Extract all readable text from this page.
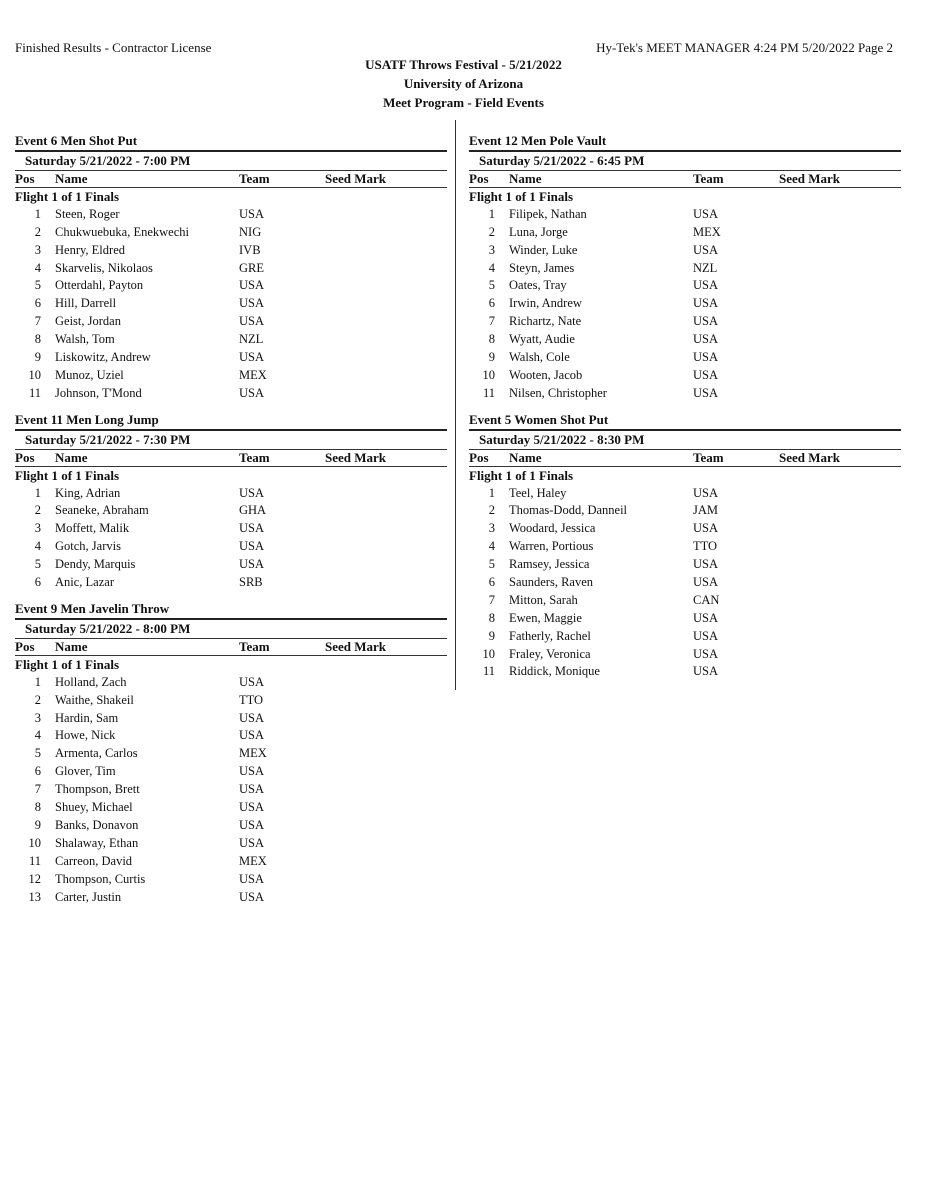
Finished Results - Contractor License	Hy-Tek's MEET MANAGER 4:24 PM 5/20/2022 Page 2
USATF Throws Festival - 5/21/2022
University of Arizona
Meet Program - Field Events
Event 6 Men Shot Put
Saturday 5/21/2022 - 7:00 PM
Pos	Name	Team	Seed Mark
Flight 1 of 1 Finals
1	Steen, Roger	USA
2	Chukwuebuka, Enekwechi	NIG
3	Henry, Eldred	IVB
4	Skarvelis, Nikolaos	GRE
5	Otterdahl, Payton	USA
6	Hill, Darrell	USA
7	Geist, Jordan	USA
8	Walsh, Tom	NZL
9	Liskowitz, Andrew	USA
10	Munoz, Uziel	MEX
11	Johnson, T'Mond	USA
Event 11 Men Long Jump
Saturday 5/21/2022 - 7:30 PM
Pos	Name	Team	Seed Mark
Flight 1 of 1 Finals
1	King, Adrian	USA
2	Seaneke, Abraham	GHA
3	Moffett, Malik	USA
4	Gotch, Jarvis	USA
5	Dendy, Marquis	USA
6	Anic, Lazar	SRB
Event 9 Men Javelin Throw
Saturday 5/21/2022 - 8:00 PM
Pos	Name	Team	Seed Mark
Flight 1 of 1 Finals
1	Holland, Zach	USA
2	Waithe, Shakeil	TTO
3	Hardin, Sam	USA
4	Howe, Nick	USA
5	Armenta, Carlos	MEX
6	Glover, Tim	USA
7	Thompson, Brett	USA
8	Shuey, Michael	USA
9	Banks, Donavon	USA
10	Shalaway, Ethan	USA
11	Carreon, David	MEX
12	Thompson, Curtis	USA
13	Carter, Justin	USA
Event 12 Men Pole Vault
Saturday 5/21/2022 - 6:45 PM
Pos	Name	Team	Seed Mark
Flight 1 of 1 Finals
1	Filipek, Nathan	USA
2	Luna, Jorge	MEX
3	Winder, Luke	USA
4	Steyn, James	NZL
5	Oates, Tray	USA
6	Irwin, Andrew	USA
7	Richartz, Nate	USA
8	Wyatt, Audie	USA
9	Walsh, Cole	USA
10	Wooten, Jacob	USA
11	Nilsen, Christopher	USA
Event 5 Women Shot Put
Saturday 5/21/2022 - 8:30 PM
Pos	Name	Team	Seed Mark
Flight 1 of 1 Finals
1	Teel, Haley	USA
2	Thomas-Dodd, Danneil	JAM
3	Woodard, Jessica	USA
4	Warren, Portious	TTO
5	Ramsey, Jessica	USA
6	Saunders, Raven	USA
7	Mitton, Sarah	CAN
8	Ewen, Maggie	USA
9	Fatherly, Rachel	USA
10	Fraley, Veronica	USA
11	Riddick, Monique	USA
